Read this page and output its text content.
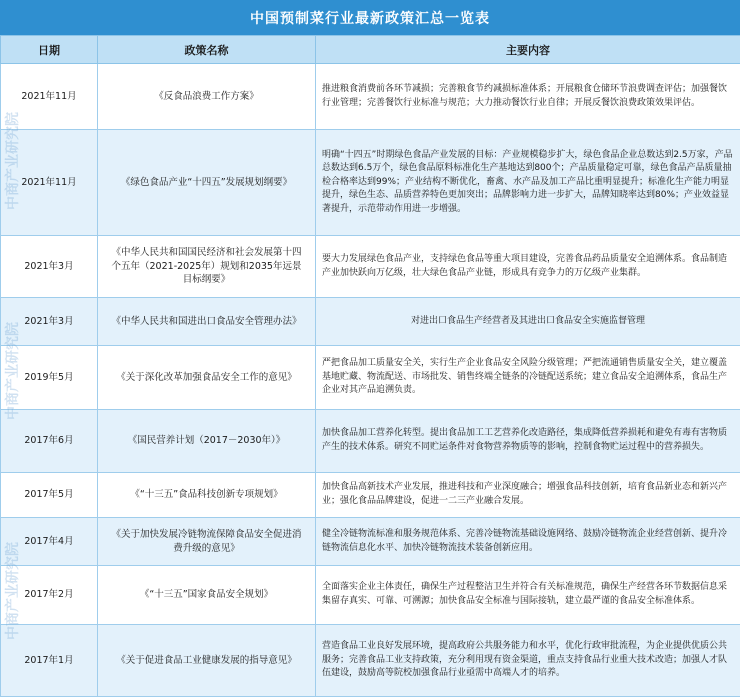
中国预制菜行业最新政策汇总一览表
日期	政策名称	主要内容
2021年11月	《反食品浪费工作方案》	推进粮食消费前各环节减损；完善粮食节约减损标准体系；开展粮食仓储环节浪费调查评估；加强餐饮行业管理；完善餐饮行业标准与规范；大力推动餐饮行业自律；开展反餐饮浪费政策效果评估。
2021年11月	《绿色食品产业“十四五”发展规划纲要》	明确“十四五”时期绿色食品产业发展的目标：产业规模稳步扩大，绿色食品企业总数达到2.5万家，产品总数达到6.5万个，绿色食品原料标准化生产基地达到800个；产品质量稳定可靠，绿色食品产品质量抽检合格率达到99%；产业结构不断优化，畜禽、水产品及加工产品比重明显提升；标准化生产能力明显提升，绿色生态、品质营养特色更加突出；品牌影响力进一步扩大，品牌知晓率达到80%；产业效益显著提升，示范带动作用进一步增强。
2021年3月	《中华人民共和国国民经济和社会发展第十四个五年（2021-2025年）规划和2035年远景目标纲要》	要大力发展绿色食品产业，支持绿色食品等重大项目建设，完善食品药品质量安全追溯体系。食品制造产业加快跃向万亿级，壮大绿色食品产业链，形成具有竞争力的万亿级产业集群。
2021年3月	《中华人民共和国进出口食品安全管理办法》	对进出口食品生产经营者及其进出口食品安全实施监督管理
2019年5月	《关于深化改革加强食品安全工作的意见》	严把食品加工质量安全关，实行生产企业食品安全风险分级管理；严把流通销售质量安全关，建立覆盖基地贮藏、物流配送、市场批发、销售终端全链条的冷链配送系统；建立食品安全追溯体系，食品生产企业对其产品追溯负责。
2017年6月	《国民营养计划（2017－2030年）》	加快食品加工营养化转型。提出食品加工工艺营养化改造路径，集成降低营养损耗和避免有毒有害物质产生的技术体系。研究不同贮运条件对食物营养物质等的影响，控制食物贮运过程中的营养损失。
2017年5月	《“十三五”食品科技创新专项规划》	加快食品高新技术产业发展，推进科技和产业深度融合；增强食品科技创新，培育食品新业态和新兴产业；强化食品品牌建设，促进一二三产业融合发展。
2017年4月	《关于加快发展冷链物流保障食品安全促进消费升级的意见》	健全冷链物流标准和服务规范体系、完善冷链物流基础设施网络、鼓励冷链物流企业经营创新、提升冷链物流信息化水平、加快冷链物流技术装备创新应用。
2017年2月	《“十三五”国家食品安全规划》	全面落实企业主体责任，确保生产过程整洁卫生并符合有关标准规范，确保生产经营各环节数据信息采集留存真实、可靠、可溯源；加快食品安全标准与国际接轨，建立最严谨的食品安全标准体系。
2017年1月	《关于促进食品工业健康发展的指导意见》	营造食品工业良好发展环境，提高政府公共服务能力和水平，优化行政审批流程，为企业提供优质公共服务；完善食品工业支持政策，充分利用现有资金渠道，重点支持食品行业重大技术改造；加强人才队伍建设，鼓励高等院校加强食品行业亟需中高端人才的培养。
中商产业研究院
中商产业研究院
中商产业研究院
